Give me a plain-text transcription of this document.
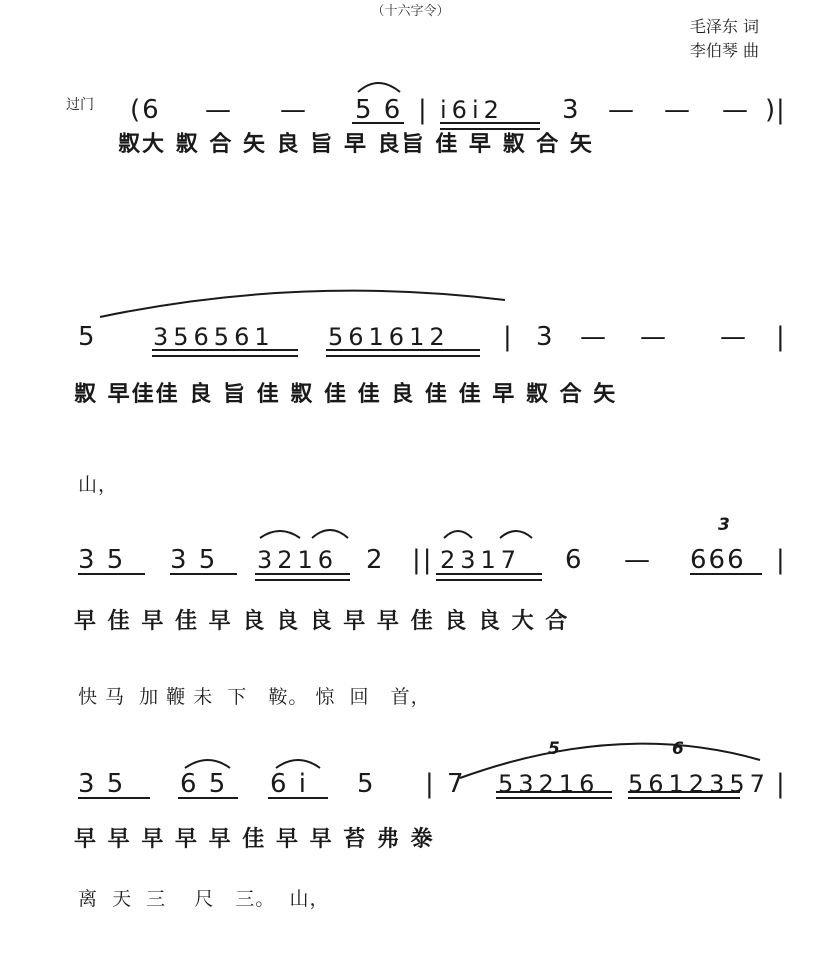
（十六字令）
毛泽东 词
李伯琴 曲
过门 (6 — — 5 6 | i6i2 3 — — — )
|
5 356561 561612 | 3 — — — |
3 5 3 5 3216 2 || 2317 6 — 666 |
3 5 6 5 6 i 5 | 7 53216 5612357 |
3
5	6
𠭥大 𠭥 合 矢 良 旨 早 良旨 佳 早 𠭥 合 矢
𠭥 早佳佳 良 旨 佳 𠭥 佳 佳 良 佳 佳 早 𠭥 合 矢
早 佳 早 佳 早 良 良 良 早 早 佳 良 良 大 合
早 早 早 早 早 佳 早 早 苔 弗 𣳾
山，
快 马  加 鞭 未  下   鞍。 惊  回   首，
离  天  三    尺   三。  山，
